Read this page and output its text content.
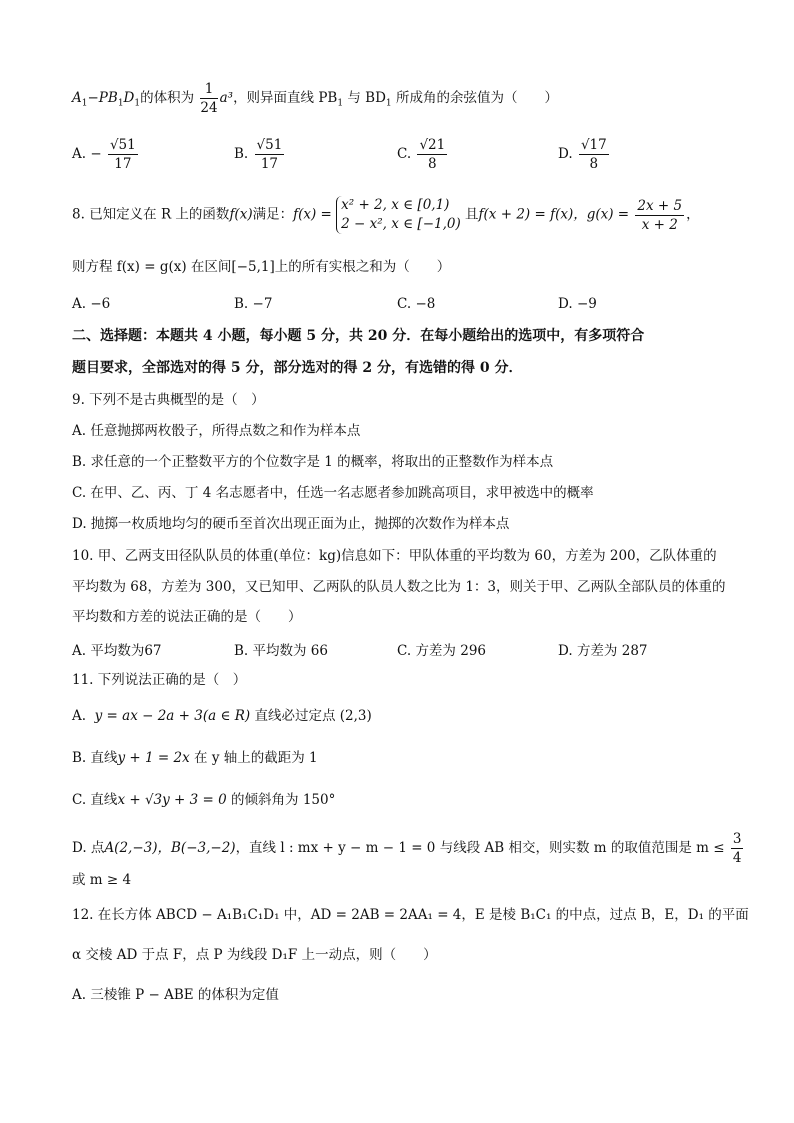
$A_1-PB_1D_1$的体积为 $\frac{1}{24} a^3$，则异面直线 $PB_1$ 与 $BD_1$ 所成角的余弦值为（　　）
A. − $\frac{√51}{17}$	B. $\frac{√51}{17}$	C. $\frac{√21}{8}$	D. $\frac{√17}{8}$
8. 已知定义在 R 上的函数f(x)满足：f(x) =
x² + 2, x ∈ [0,1)
2 − x², x ∈ [−1,0)
且f(x + 2) = f(x)，$g(x) = \frac{2x + 5}{x + 2}$ ，
则方程 f(x) = g(x) 在区间[−5,1]上的所有实根之和为（　　）
A. −6	B. −7	C. −8	D. −9
二、选择题：本题共 4 小题，每小题 5 分，共 20 分．在每小题给出的选项中，有多项符合
题目要求，全部选对的得 5 分，部分选对的得 2 分，有选错的得 0 分．
9. 下列不是古典概型的是（　）
A. 任意抛掷两枚骰子，所得点数之和作为样本点
B. 求任意的一个正整数平方的个位数字是 1 的概率，将取出的正整数作为样本点
C. 在甲、乙、丙、丁 4 名志愿者中，任选一名志愿者参加跳高项目，求甲被选中的概率
D. 抛掷一枚质地均匀的硬币至首次出现正面为止，抛掷的次数作为样本点
10. 甲、乙两支田径队队员的体重(单位：kg)信息如下：甲队体重的平均数为 60，方差为 200，乙队体重的
平均数为 68，方差为 300，又已知甲、乙两队的队员人数之比为 1：3，则关于甲、乙两队全部队员的体重的
平均数和方差的说法正确的是（　　）
A. 平均数为67	B. 平均数为 66	C. 方差为 296	D. 方差为 287
11. 下列说法正确的是（　）
A. y = ax − 2a + 3(a ∈ R) 直线必过定点 (2,3)
B. 直线y + 1 = 2x 在 y 轴上的截距为 1
C. 直线x + √3y + 3 = 0 的倾斜角为 150°
D. 点A(2,−3)，B(−3,−2)，直线 l : mx + y − m − 1 = 0 与线段 AB 相交，则实数 m 的取值范围是 $m \le \frac{3}{4}$
或 m ≥ 4
12. 在长方体 ABCD − A₁B₁C₁D₁ 中，AD = 2AB = 2AA₁ = 4，E 是棱 B₁C₁ 的中点，过点 B，E，D₁ 的平面
α 交棱 AD 于点 F，点 P 为线段 D₁F 上一动点，则（　　）
A. 三棱锥 P − ABE 的体积为定值
